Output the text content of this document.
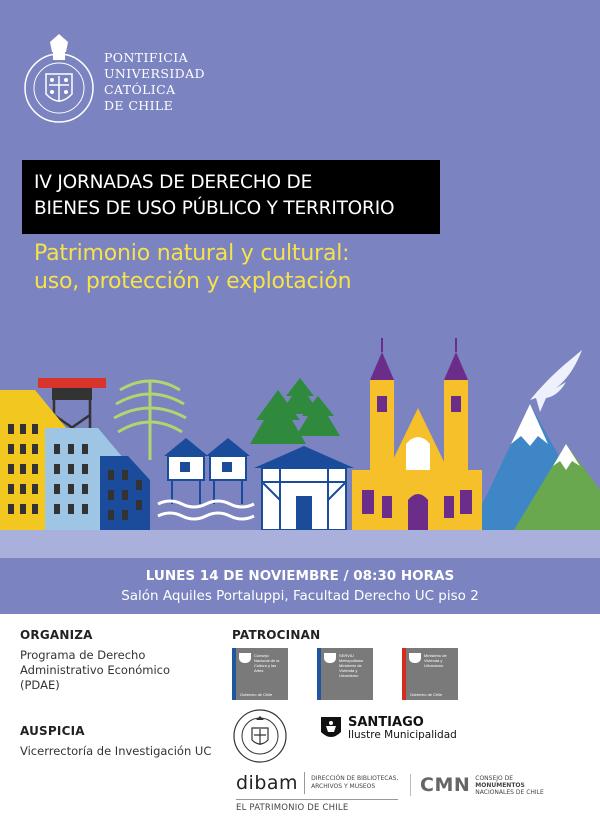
PONTIFICIA
UNIVERSIDAD
CATÓLICA
DE CHILE
IV JORNADAS DE DERECHO DE
BIENES DE USO PÚBLICO Y TERRITORIO
Patrimonio natural y cultural:
uso, protección y explotación
LUNES 14 DE NOVIEMBRE / 08:30 HORAS
Salón Aquiles Portaluppi, Facultad Derecho UC piso 2
ORGANIZA
Programa de Derecho
Administrativo Económico
(PDAE)
AUSPICIA
Vicerrectoría de Investigación UC
PATROCINAN
Consejo Nacional de la Cultura y las Artes
Gobierno de Chile
SERVIU Metropolitano Ministerio de Vivienda y Urbanismo
Ministerio de Vivienda y Urbanismo
Gobierno de Chile
SANTIAGO
Ilustre Municipalidad
dibam DIRECCIÓN DE BIBLIOTECAS,
ARCHIVOS Y MUSEOS
EL PATRIMONIO DE CHILE
CMN CONSEJO DE
MONUMENTOS
NACIONALES DE CHILE
